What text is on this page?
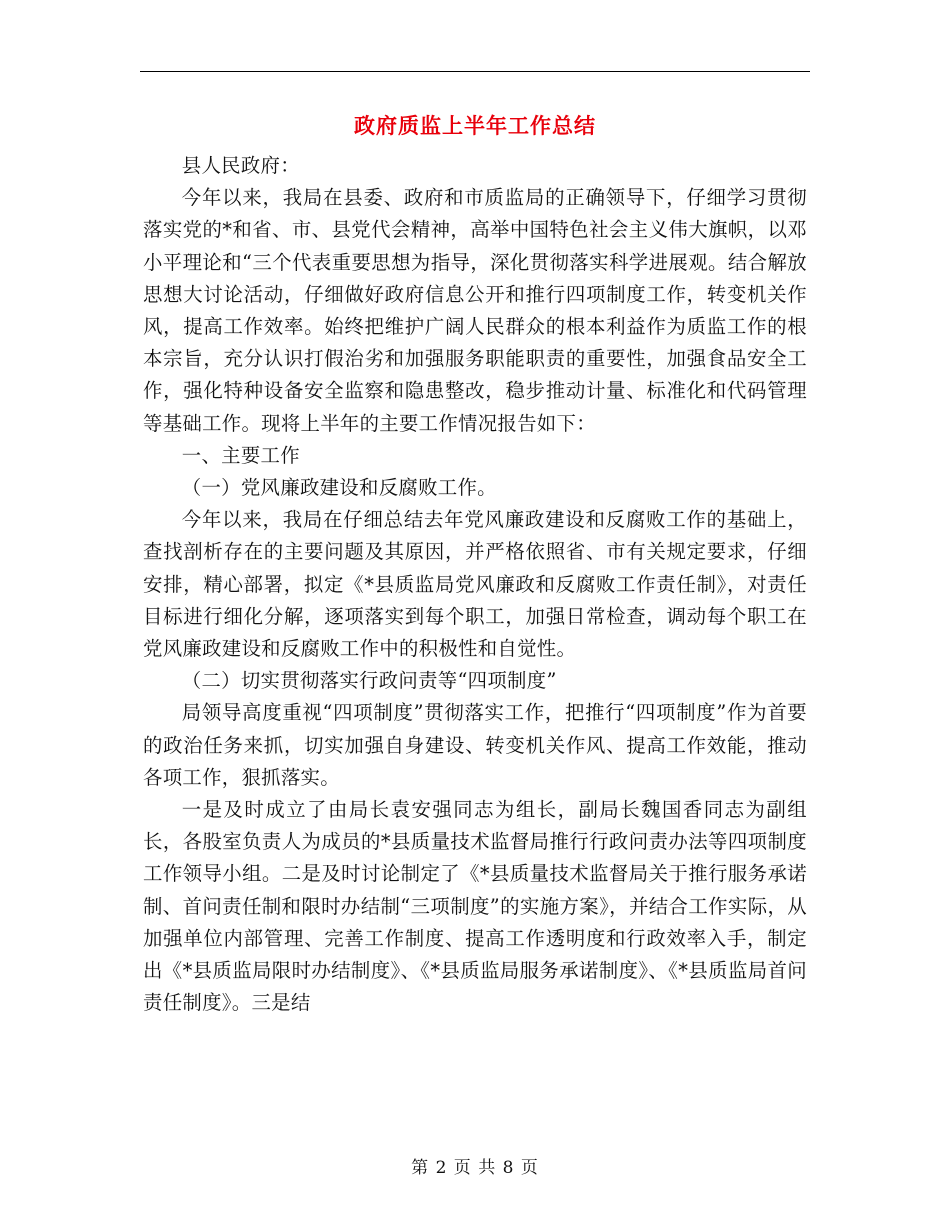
政府质监上半年工作总结

县人民政府：

今年以来，我局在县委、政府和市质监局的正确领导下，仔细学习贯彻落实党的*和省、市、县党代会精神，高举中国特色社会主义伟大旗帜，以邓小平理论和“三个代表重要思想为指导，深化贯彻落实科学进展观。结合解放思想大讨论活动，仔细做好政府信息公开和推行四项制度工作，转变机关作风，提高工作效率。始终把维护广阔人民群众的根本利益作为质监工作的根本宗旨，充分认识打假治劣和加强服务职能职责的重要性，加强食品安全工作，强化特种设备安全监察和隐患整改，稳步推动计量、标准化和代码管理等基础工作。现将上半年的主要工作情况报告如下：

一、主要工作

（一）党风廉政建设和反腐败工作。

今年以来，我局在仔细总结去年党风廉政建设和反腐败工作的基础上，查找剖析存在的主要问题及其原因，并严格依照省、市有关规定要求，仔细安排，精心部署，拟定《*县质监局党风廉政和反腐败工作责任制》，对责任目标进行细化分解，逐项落实到每个职工，加强日常检查，调动每个职工在党风廉政建设和反腐败工作中的积极性和自觉性。

（二）切实贯彻落实行政问责等“四项制度”

局领导高度重视“四项制度”贯彻落实工作，把推行“四项制度”作为首要的政治任务来抓，切实加强自身建设、转变机关作风、提高工作效能，推动各项工作，狠抓落实。

一是及时成立了由局长袁安强同志为组长，副局长魏国香同志为副组长，各股室负责人为成员的*县质量技术监督局推行行政问责办法等四项制度工作领导小组。二是及时讨论制定了《*县质量技术监督局关于推行服务承诺制、首问责任制和限时办结制“三项制度”的实施方案》，并结合工作实际，从加强单位内部管理、完善工作制度、提高工作透明度和行政效率入手，制定出《*县质监局限时办结制度》、《*县质监局服务承诺制度》、《*县质监局首问责任制度》。三是结

第 2 页 共 8 页
